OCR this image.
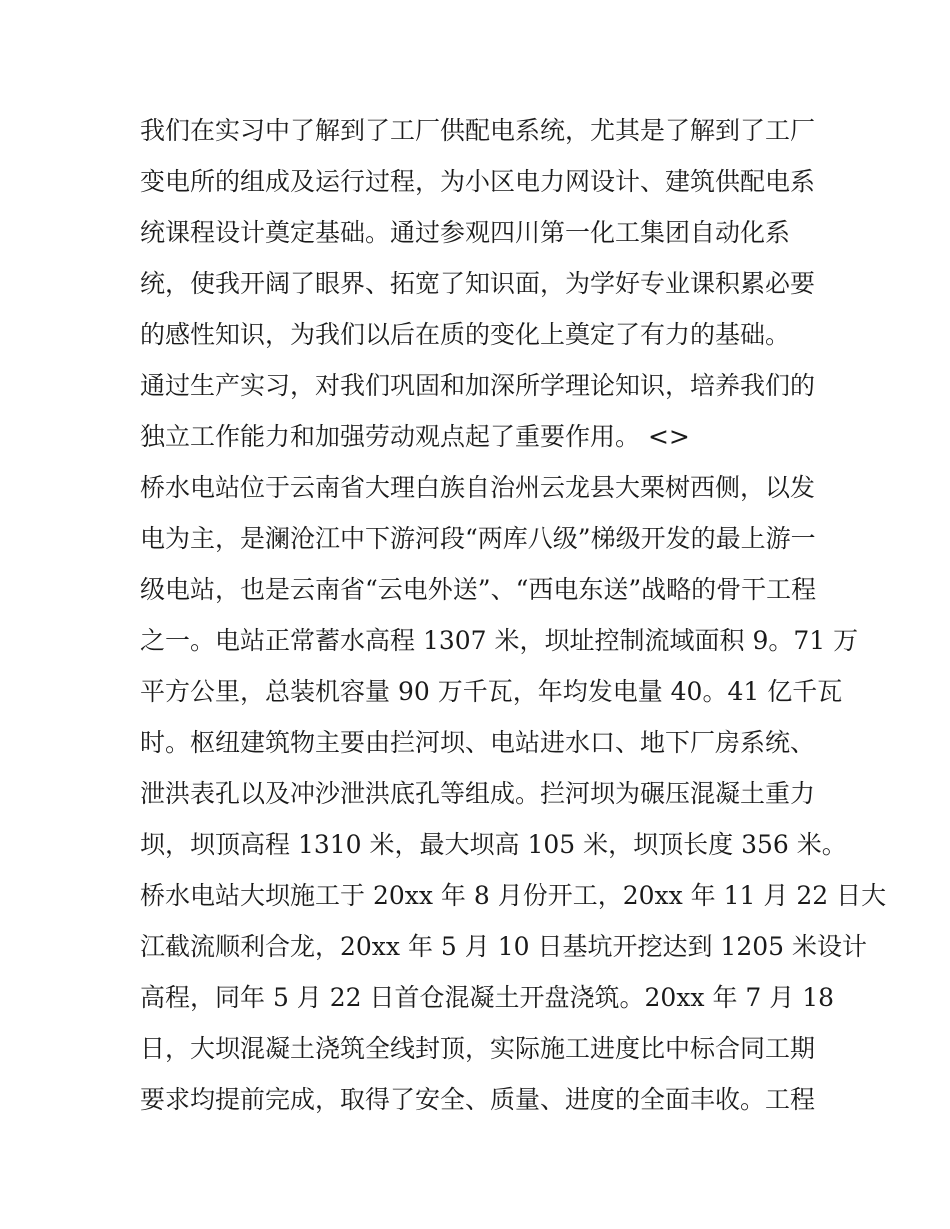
我们在实习中了解到了工厂供配电系统，尤其是了解到了工厂
变电所的组成及运行过程，为小区电力网设计、建筑供配电系
统课程设计奠定基础。通过参观四川第一化工集团自动化系
统，使我开阔了眼界、拓宽了知识面，为学好专业课积累必要
的感性知识，为我们以后在质的变化上奠定了有力的基础。
通过生产实习，对我们巩固和加深所学理论知识，培养我们的
独立工作能力和加强劳动观点起了重要作用。 <>
桥水电站位于云南省大理白族自治州云龙县大栗树西侧，以发
电为主，是澜沧江中下游河段“两库八级”梯级开发的最上游一
级电站，也是云南省“云电外送”、“西电东送”战略的骨干工程
之一。电站正常蓄水高程 1307 米，坝址控制流域面积 9。71 万
平方公里，总装机容量 90 万千瓦，年均发电量 40。41 亿千瓦
时。枢纽建筑物主要由拦河坝、电站进水口、地下厂房系统、
泄洪表孔以及冲沙泄洪底孔等组成。拦河坝为碾压混凝土重力
坝，坝顶高程 1310 米，最大坝高 105 米，坝顶长度 356 米。
桥水电站大坝施工于 20xx 年 8 月份开工，20xx 年 11 月 22 日大
江截流顺利合龙，20xx 年 5 月 10 日基坑开挖达到 1205 米设计
高程，同年 5 月 22 日首仓混凝土开盘浇筑。20xx 年 7 月 18
日，大坝混凝土浇筑全线封顶，实际施工进度比中标合同工期
要求均提前完成，取得了安全、质量、进度的全面丰收。工程
